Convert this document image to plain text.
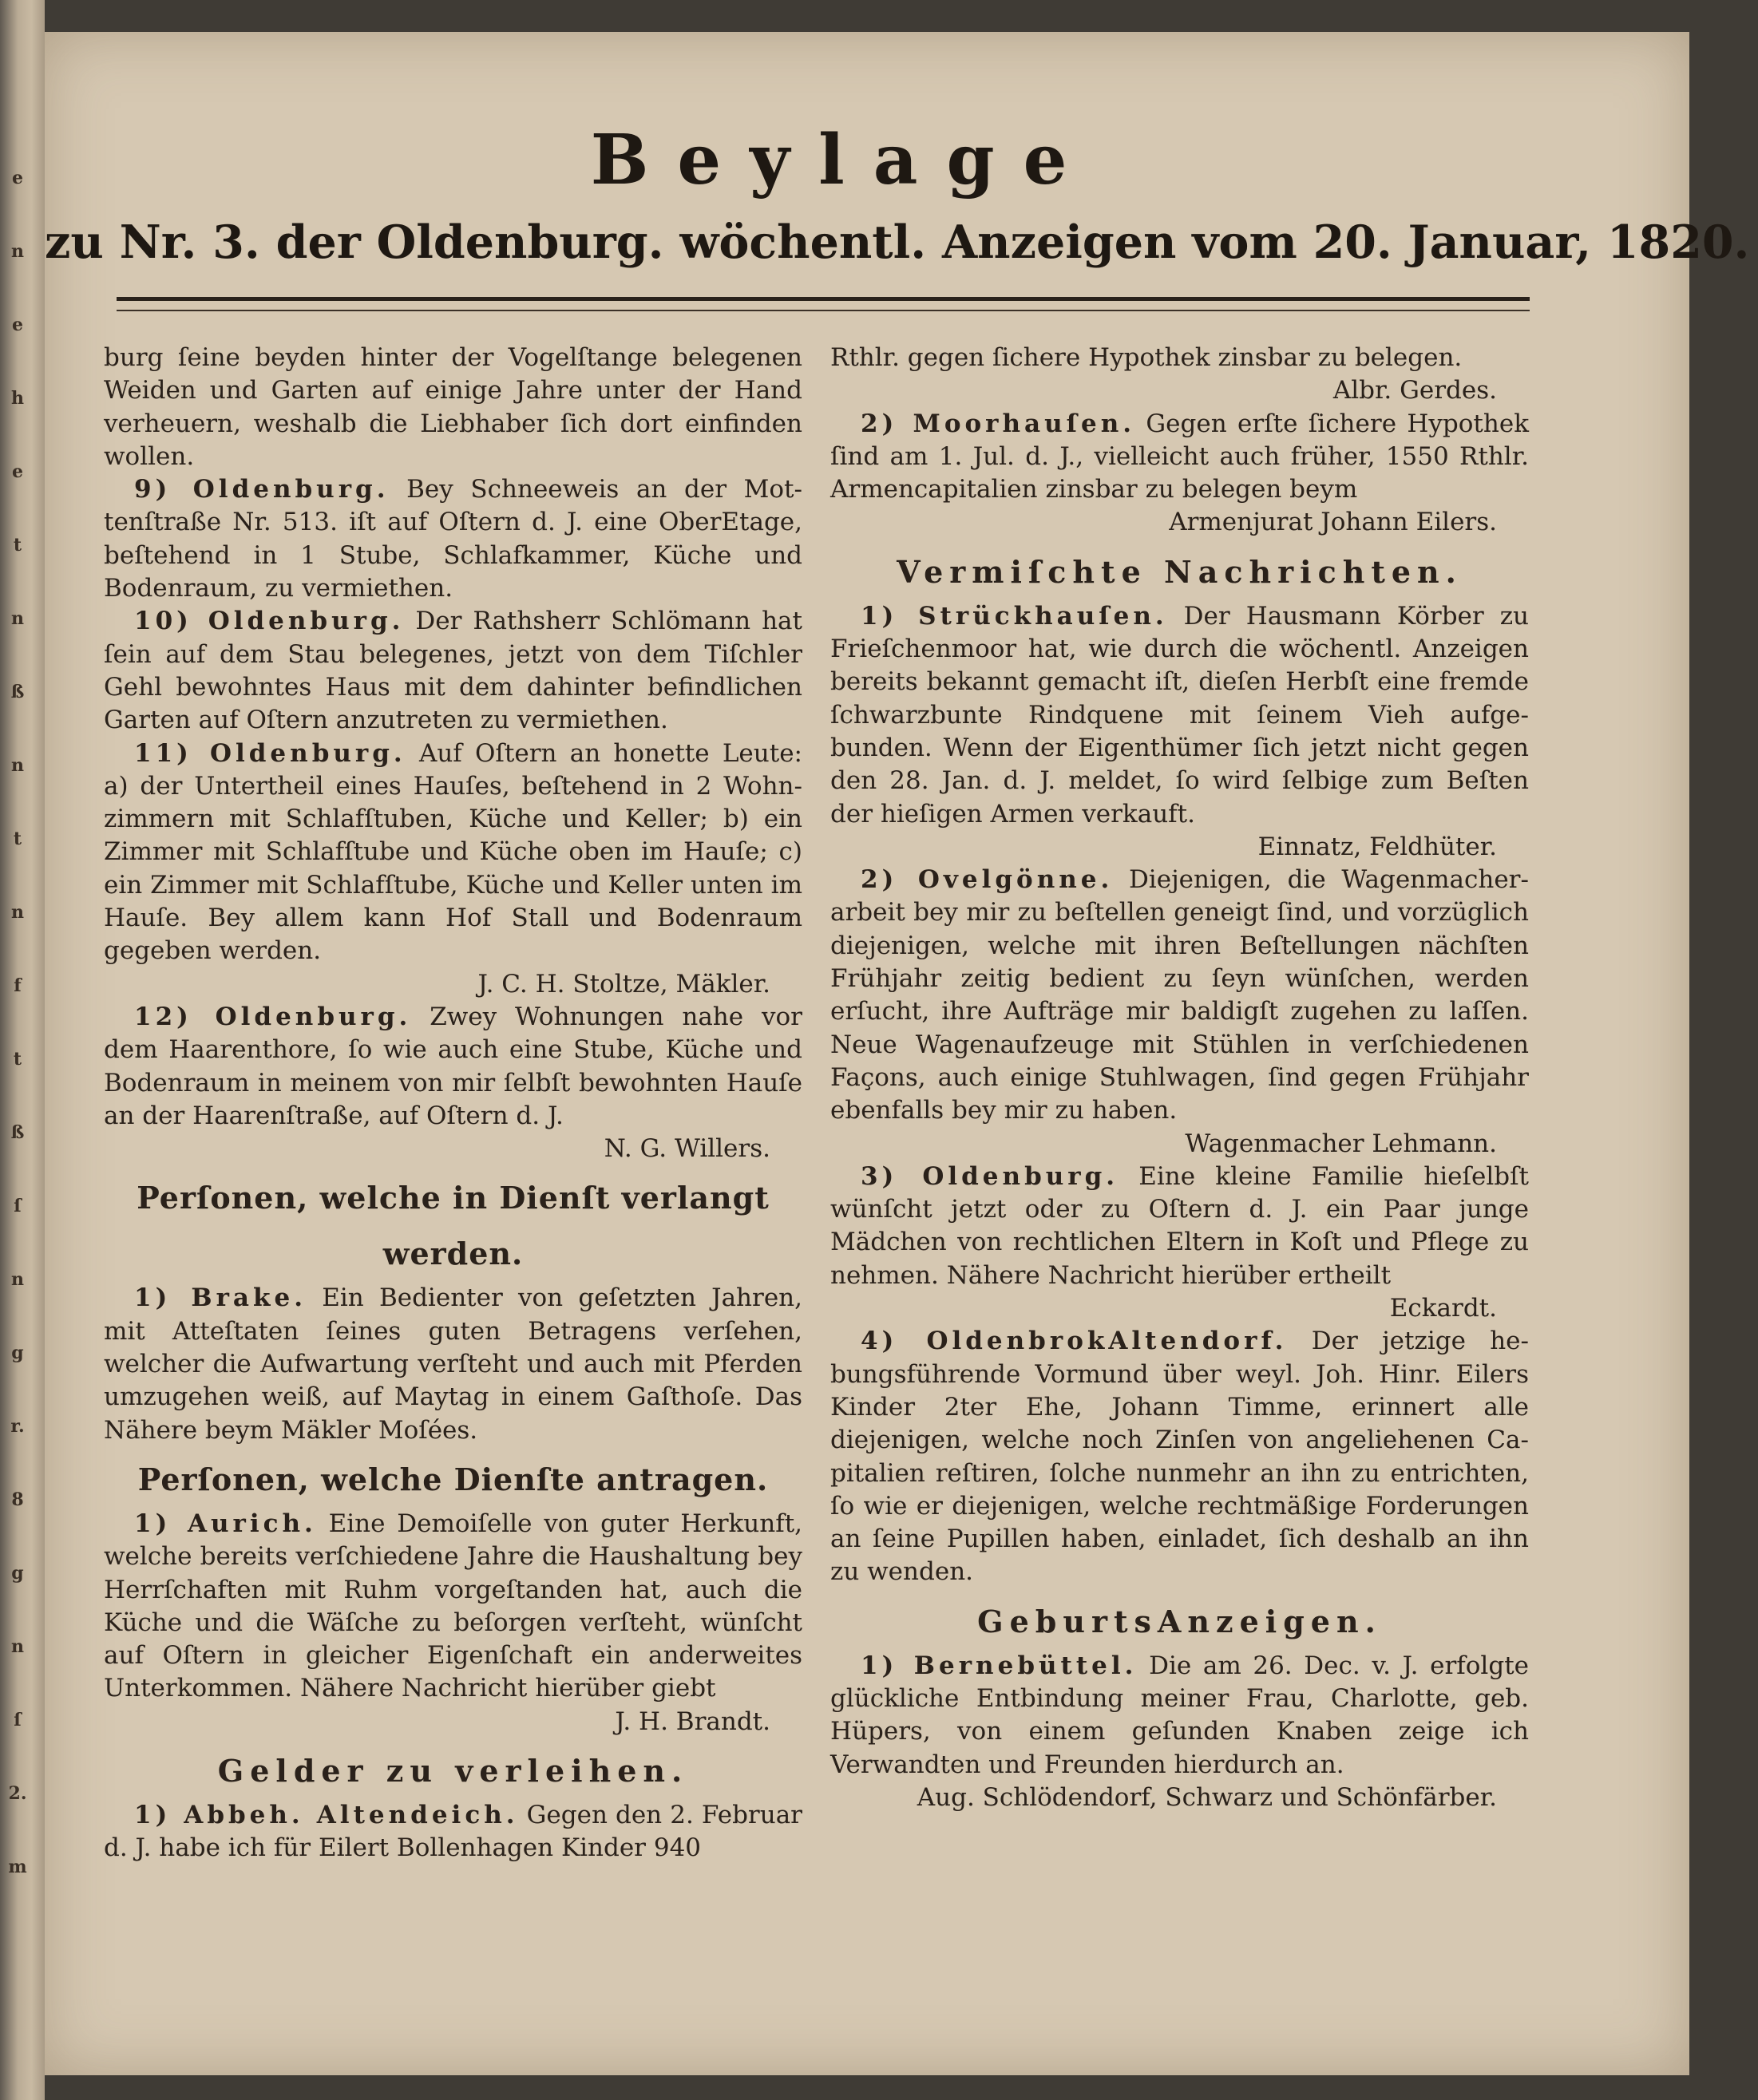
e
n
e
h
e
t
n
ß
n
t
n
f
t
ß
ſ
n
g
r.
8
g
n
ſ
2.
m
Beylage
zu Nr. 3. der Oldenburg. wöchentl. Anzeigen vom 20. Januar, 1820.

burg ſeine beyden hinter der Vogelſtange belegenen Weiden und Garten auf einige Jahre unter der Hand verheuern, weshalb die Liebhaber ſich dort einfinden wollen.

9) Oldenburg. Bey Schneeweis an der Mottenſtraße Nr. 513. iſt auf Oſtern d. J. eine OberEtage, beſtehend in 1 Stube, Schlafkammer, Küche und Bodenraum, zu vermiethen.

10) Oldenburg. Der Rathsherr Schlömann hat ſein auf dem Stau belegenes, jetzt von dem Tiſchler Gehl bewohntes Haus mit dem dahinter befindlichen Garten auf Oſtern anzutreten zu vermiethen.

11) Oldenburg. Auf Oſtern an honette Leute: a) der Untertheil eines Hauſes, beſtehend in 2 Wohnzimmern mit Schlafſtuben, Küche und Keller; b) ein Zimmer mit Schlafſtube und Küche oben im Hauſe; c) ein Zimmer mit Schlafſtube, Küche und Keller unten im Hauſe. Bey allem kann Hof Stall und Bodenraum gegeben werden.

J. C. H. Stoltze, Mäkler.

12) Oldenburg. Zwey Wohnungen nahe vor dem Haarenthore, ſo wie auch eine Stube, Küche und Bodenraum in meinem von mir ſelbſt bewohnten Hauſe an der Haarenſtraße, auf Oſtern d. J.

N. G. Willers.

Perſonen, welche in Dienſt verlangt werden.

1) Brake. Ein Bedienter von geſetzten Jahren, mit Atteſtaten ſeines guten Betragens verſehen, welcher die Aufwartung verſteht und auch mit Pferden umzugehen weiß, auf Maytag in einem Gaſthoſe. Das Nähere beym Mäkler Moſées.

Perſonen, welche Dienſte antragen.

1) Aurich. Eine Demoiſelle von guter Herkunft, welche bereits verſchiedene Jahre die Haushaltung bey Herrſchaften mit Ruhm vorgeſtanden hat, auch die Küche und die Wäſche zu beſorgen verſteht, wünſcht auf Oſtern in gleicher Eigenſchaft ein anderweites Unterkommen. Nähere Nachricht hierüber giebt

J. H. Brandt.

Gelder zu verleihen.

1) Abbeh. Altendeich. Gegen den 2. Februar d. J. habe ich für Eilert Bollenhagen Kinder 940

Rthlr. gegen ſichere Hypothek zinsbar zu belegen.

Albr. Gerdes.

2) Moorhauſen. Gegen erſte ſichere Hypothek ſind am 1. Jul. d. J., vielleicht auch früher, 1550 Rthlr. Armencapitalien zinsbar zu belegen beym

Armenjurat Johann Eilers.

Vermiſchte Nachrichten.

1) Strückhauſen. Der Hausmann Körber zu Frieſchenmoor hat, wie durch die wöchentl. Anzeigen bereits bekannt gemacht iſt, dieſen Herbſt eine fremde ſchwarzbunte Rindquene mit ſeinem Vieh aufgebunden. Wenn der Eigenthümer ſich jetzt nicht gegen den 28. Jan. d. J. meldet, ſo wird ſelbige zum Beſten der hieſigen Armen verkauft.

Einnatz, Feldhüter.

2) Ovelgönne. Diejenigen, die Wagenmacherarbeit bey mir zu beſtellen geneigt ſind, und vorzüglich diejenigen, welche mit ihren Beſtellungen nächſten Frühjahr zeitig bedient zu ſeyn wünſchen, werden erſucht, ihre Aufträge mir baldigſt zugehen zu laſſen. Neue Wagenaufzeuge mit Stühlen in verſchiedenen Façons, auch einige Stuhlwagen, ſind gegen Frühjahr ebenfalls bey mir zu haben.

Wagenmacher Lehmann.

3) Oldenburg. Eine kleine Familie hieſelbſt wünſcht jetzt oder zu Oſtern d. J. ein Paar junge Mädchen von rechtlichen Eltern in Koſt und Pflege zu nehmen. Nähere Nachricht hierüber ertheilt

Eckardt.

4) OldenbrokAltendorf. Der jetzige hebungsführende Vormund über weyl. Joh. Hinr. Eilers Kinder 2ter Ehe, Johann Timme, erinnert alle diejenigen, welche noch Zinſen von angeliehenen Capitalien reſtiren, ſolche nunmehr an ihn zu entrichten, ſo wie er diejenigen, welche rechtmäßige Forderungen an ſeine Pupillen haben, einladet, ſich deshalb an ihn zu wenden.

GeburtsAnzeigen.

1) Bernebüttel. Die am 26. Dec. v. J. erfolgte glückliche Entbindung meiner Frau, Charlotte, geb. Hüpers, von einem geſunden Knaben zeige ich Verwandten und Freunden hierdurch an.

Aug. Schlödendorf, Schwarz und Schönfärber.
